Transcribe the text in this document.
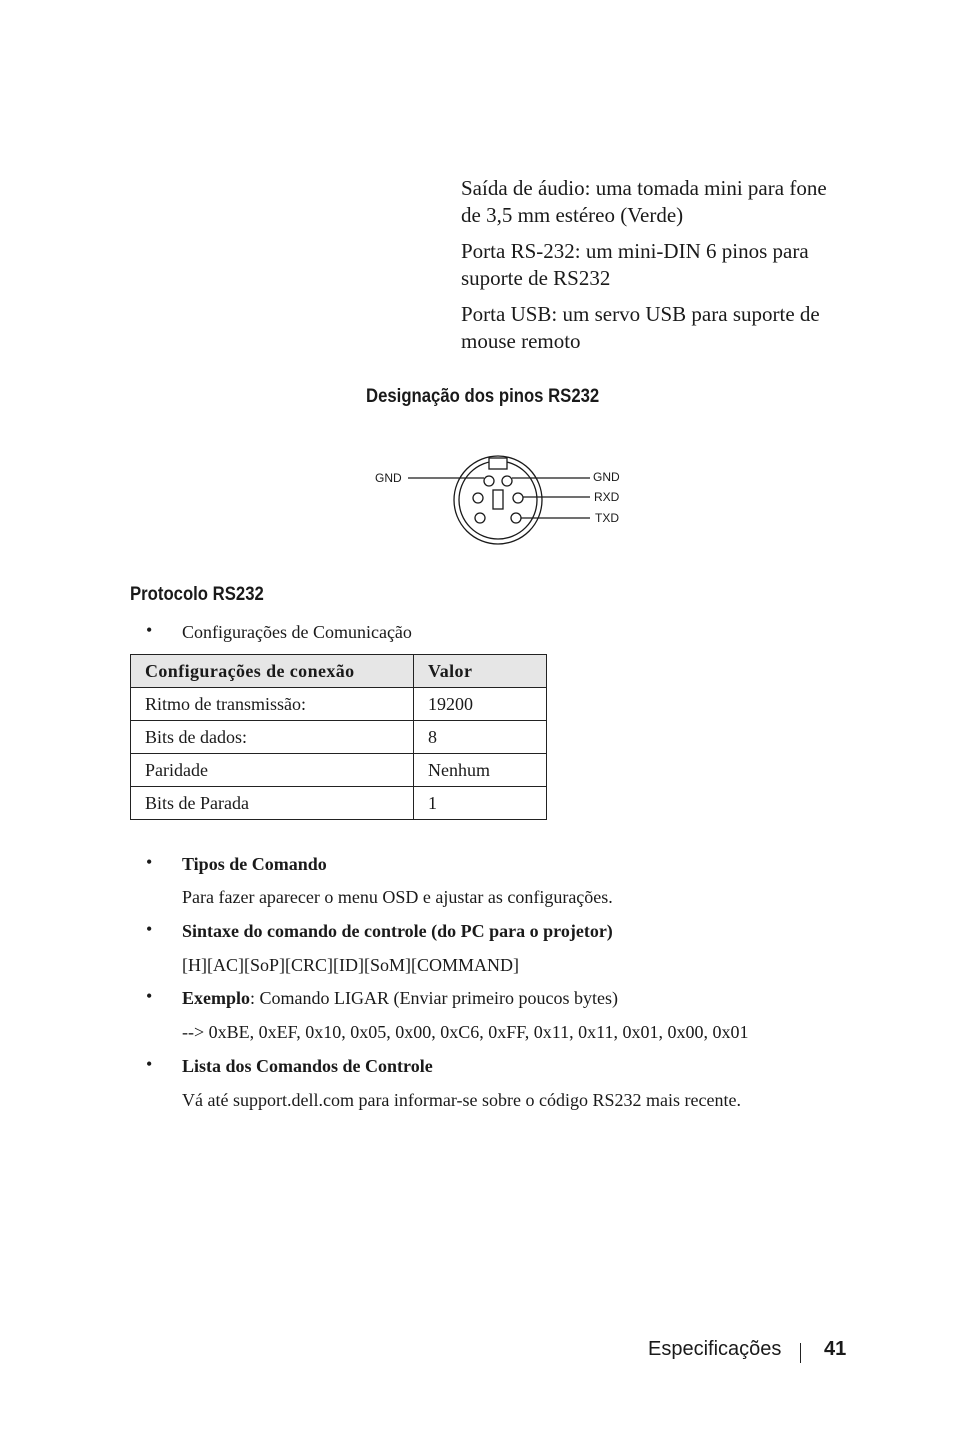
Saída de áudio: uma tomada mini para fone de 3,5 mm estéreo (Verde)

Porta RS-232: um mini-DIN 6 pinos para suporte de RS232

Porta USB: um servo USB para suporte de mouse remoto

Designação dos pinos RS232
GND	GND
RXD
TXD
Protocolo RS232
• Configurações de Comunicação
Configurações de conexão	Valor
Ritmo de transmissão:	19200
Bits de dados:	8
Paridade	Nenhum
Bits de Parada	1
• Tipos de Comando
Para fazer aparecer o menu OSD e ajustar as configurações.
• Sintaxe do comando de controle (do PC para o projetor)
[H][AC][SoP][CRC][ID][SoM][COMMAND]
• Exemplo: Comando LIGAR (Enviar primeiro poucos bytes)
--> 0xBE, 0xEF, 0x10, 0x05, 0x00, 0xC6, 0xFF, 0x11, 0x11, 0x01, 0x00, 0x01
• Lista dos Comandos de Controle
Vá até support.dell.com para informar-se sobre o código RS232 mais recente.
Especificações 41
